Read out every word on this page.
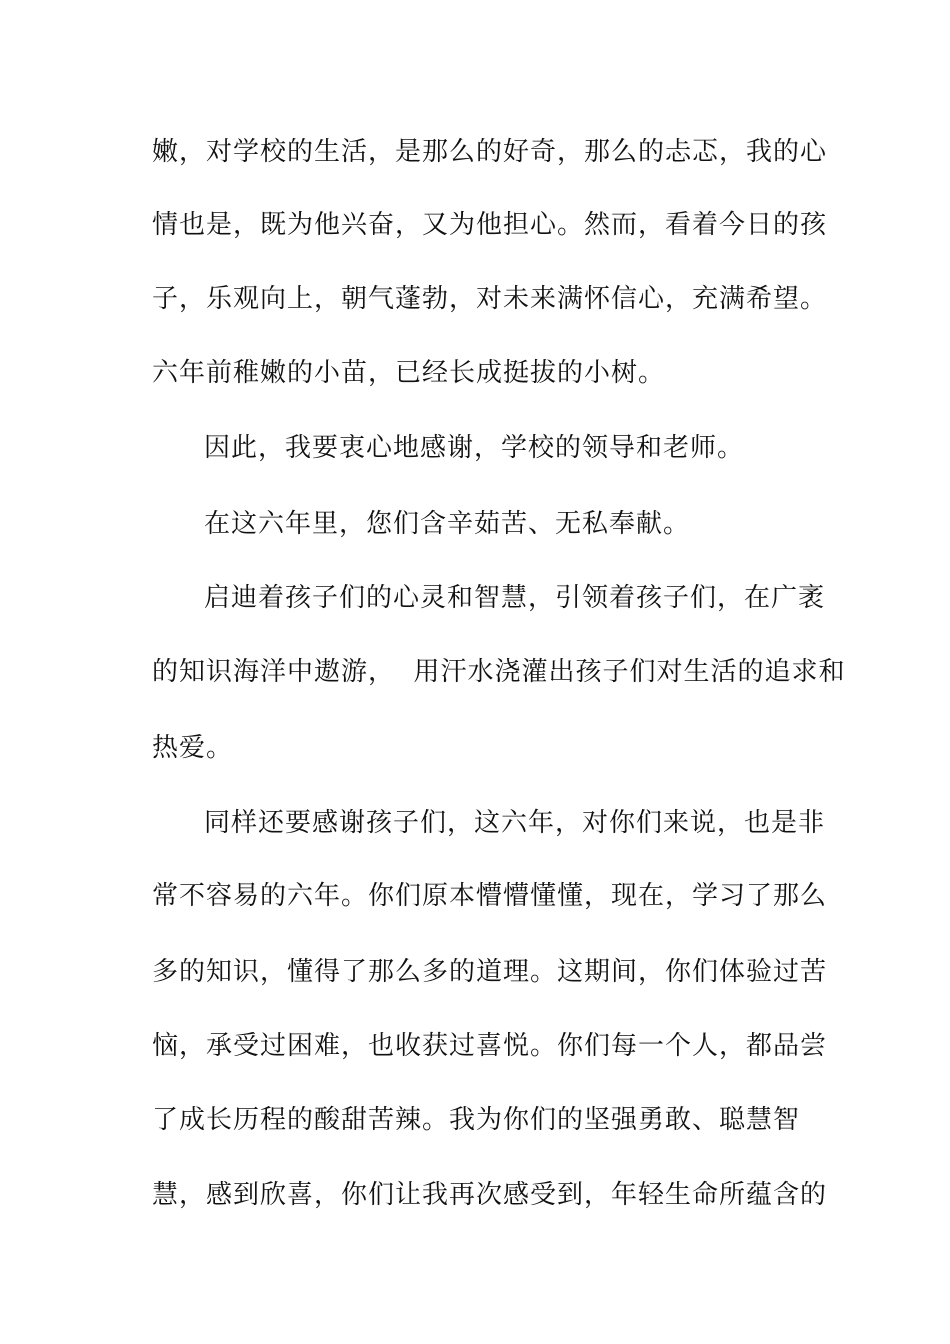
嫩，对学校的生活，是那么的好奇，那么的忐忑，我的心
情也是，既为他兴奋，又为他担心。然而，看着今日的孩
子，乐观向上，朝气蓬勃，对未来满怀信心，充满希望。
六年前稚嫩的小苗，已经长成挺拔的小树。
因此，我要衷心地感谢，学校的领导和老师。
在这六年里，您们含辛茹苦、无私奉献。
启迪着孩子们的心灵和智慧，引领着孩子们，在广袤
的知识海洋中遨游，  用汗水浇灌出孩子们对生活的追求和
热爱。
同样还要感谢孩子们，这六年，对你们来说，也是非
常不容易的六年。你们原本懵懵懂懂，现在，学习了那么
多的知识，懂得了那么多的道理。这期间，你们体验过苦
恼，承受过困难，也收获过喜悦。你们每一个人，都品尝
了成长历程的酸甜苦辣。我为你们的坚强勇敢、聪慧智
慧，感到欣喜，你们让我再次感受到，年轻生命所蕴含的
